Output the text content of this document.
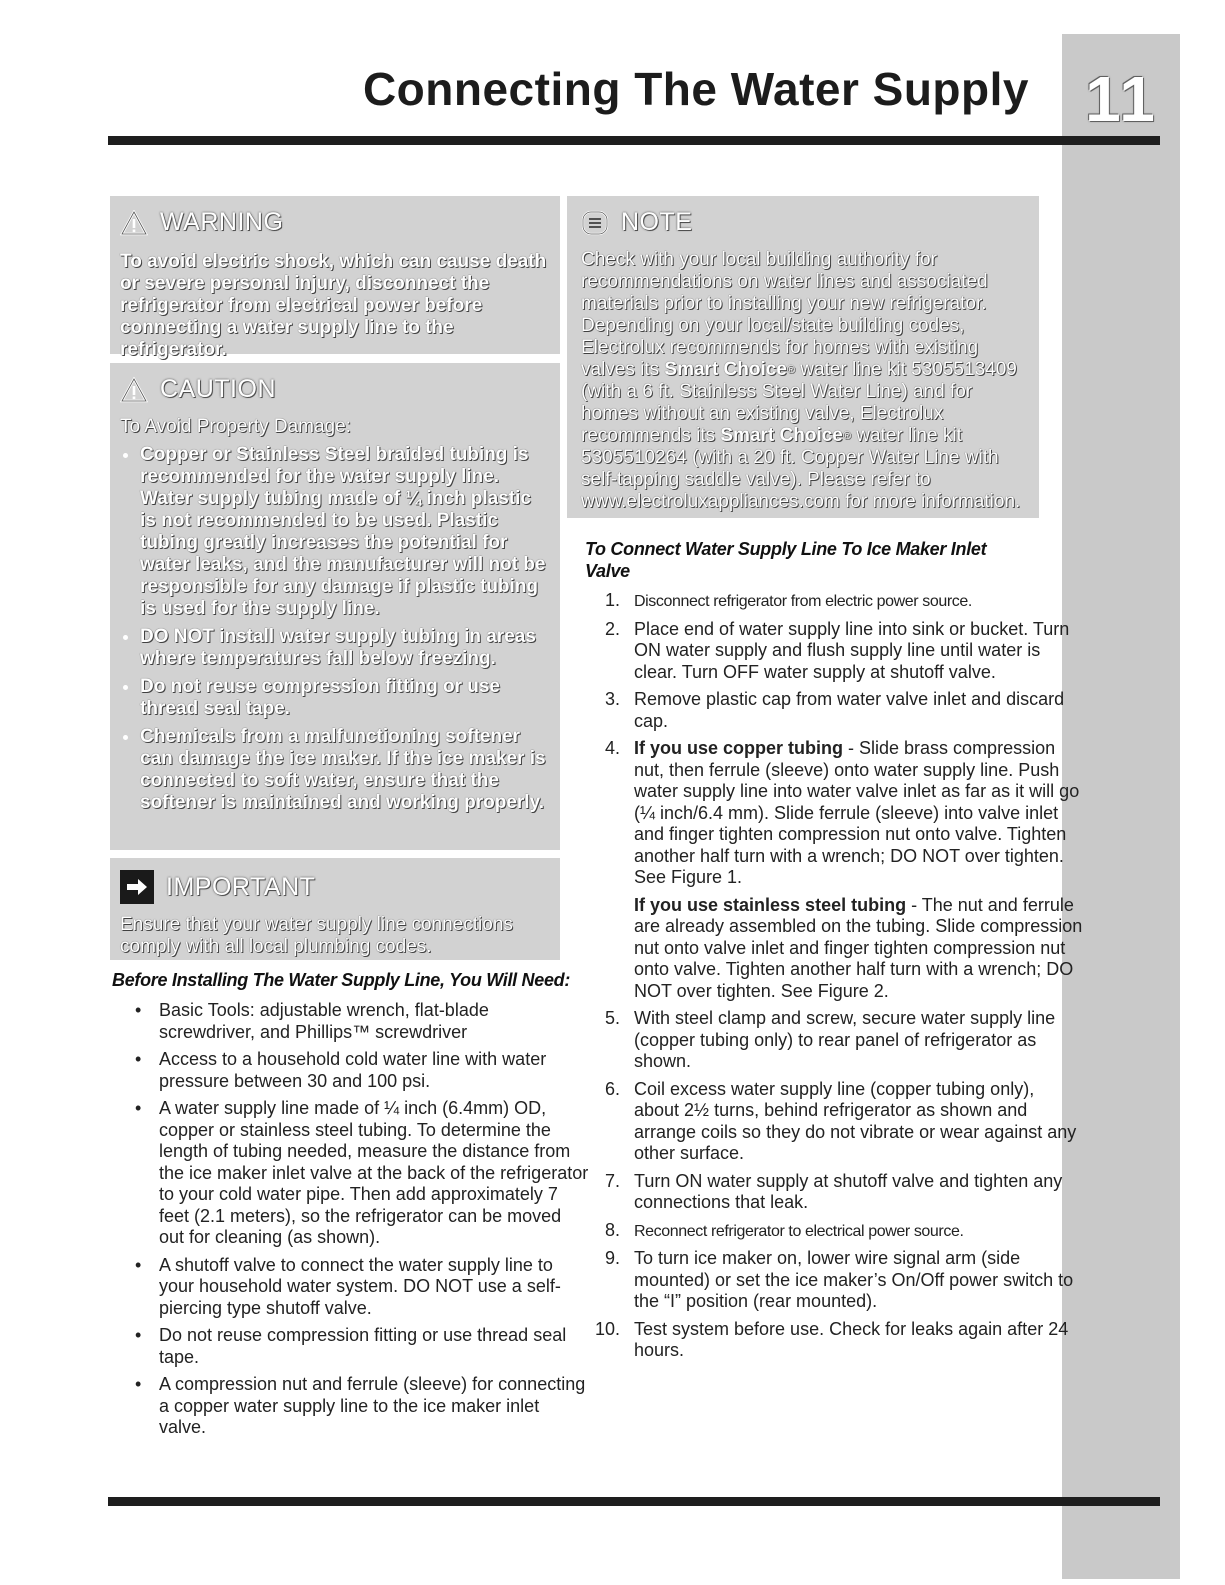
11
Connecting The Water Supply
WARNING
To avoid electric shock, which can cause death or severe personal injury, disconnect the refrigerator from electrical power before connecting a water supply line to the refrigerator.
CAUTION
To Avoid Property Damage:
• Copper or Stainless Steel braided tubing is recommended for the water supply line. Water supply tubing made of ¼ inch plastic is not recommended to be used. Plastic tubing greatly increases the potential for water leaks, and the manufacturer will not be responsible for any damage if plastic tubing is used for the supply line.
• DO NOT install water supply tubing in areas where temperatures fall below freezing.
• Do not reuse compression fitting or use thread seal tape.
• Chemicals from a malfunctioning softener can damage the ice maker. If the ice maker is connected to soft water, ensure that the softener is maintained and working properly.
IMPORTANT
Ensure that your water supply line connections comply with all local plumbing codes.
NOTE
Check with your local building authority for recommendations on water lines and associated materials prior to installing your new refrigerator. Depending on your local/state building codes, Electrolux recommends for homes with existing valves its Smart Choice® water line kit 5305513409 (with a 6 ft. Stainless Steel Water Line) and for homes without an existing valve, Electrolux recommends its Smart Choice® water line kit 5305510264 (with a 20 ft. Copper Water Line with self-tapping saddle valve). Please refer to www.electroluxappliances.com for more information.
Before Installing The Water Supply Line, You Will Need:
• Basic Tools: adjustable wrench, flat-blade screwdriver, and Phillips™ screwdriver
• Access to a household cold water line with water pressure between 30 and 100 psi.
• A water supply line made of ¼ inch (6.4mm) OD, copper or stainless steel tubing. To determine the length of tubing needed, measure the distance from the ice maker inlet valve at the back of the refrigerator to your cold water pipe. Then add approximately 7 feet (2.1 meters), so the refrigerator can be moved out for cleaning (as shown).
• A shutoff valve to connect the water supply line to your household water system. DO NOT use a self-piercing type shutoff valve.
• Do not reuse compression fitting or use thread seal tape.
• A compression nut and ferrule (sleeve) for connecting a copper water supply line to the ice maker inlet valve.
To Connect Water Supply Line To Ice Maker Inlet Valve
1. Disconnect refrigerator from electric power source.
2. Place end of water supply line into sink or bucket. Turn ON water supply and flush supply line until water is clear. Turn OFF water supply at shutoff valve.
3. Remove plastic cap from water valve inlet and discard cap.
4. If you use copper tubing - Slide brass compression nut, then ferrule (sleeve) onto water supply line. Push water supply line into water valve inlet as far as it will go (¼ inch/6.4 mm). Slide ferrule (sleeve) into valve inlet and finger tighten compression nut onto valve. Tighten another half turn with a wrench; DO NOT over tighten. See Figure 1.
If you use stainless steel tubing - The nut and ferrule are already assembled on the tubing. Slide compression nut onto valve inlet and finger tighten compression nut onto valve. Tighten another half turn with a wrench; DO NOT over tighten. See Figure 2.
5. With steel clamp and screw, secure water supply line (copper tubing only) to rear panel of refrigerator as shown.
6. Coil excess water supply line (copper tubing only), about 2½ turns, behind refrigerator as shown and arrange coils so they do not vibrate or wear against any other surface.
7. Turn ON water supply at shutoff valve and tighten any connections that leak.
8. Reconnect refrigerator to electrical power source.
9. To turn ice maker on, lower wire signal arm (side mounted) or set the ice maker’s On/Off power switch to the “I” position (rear mounted).
10. Test system before use. Check for leaks again after 24 hours.
